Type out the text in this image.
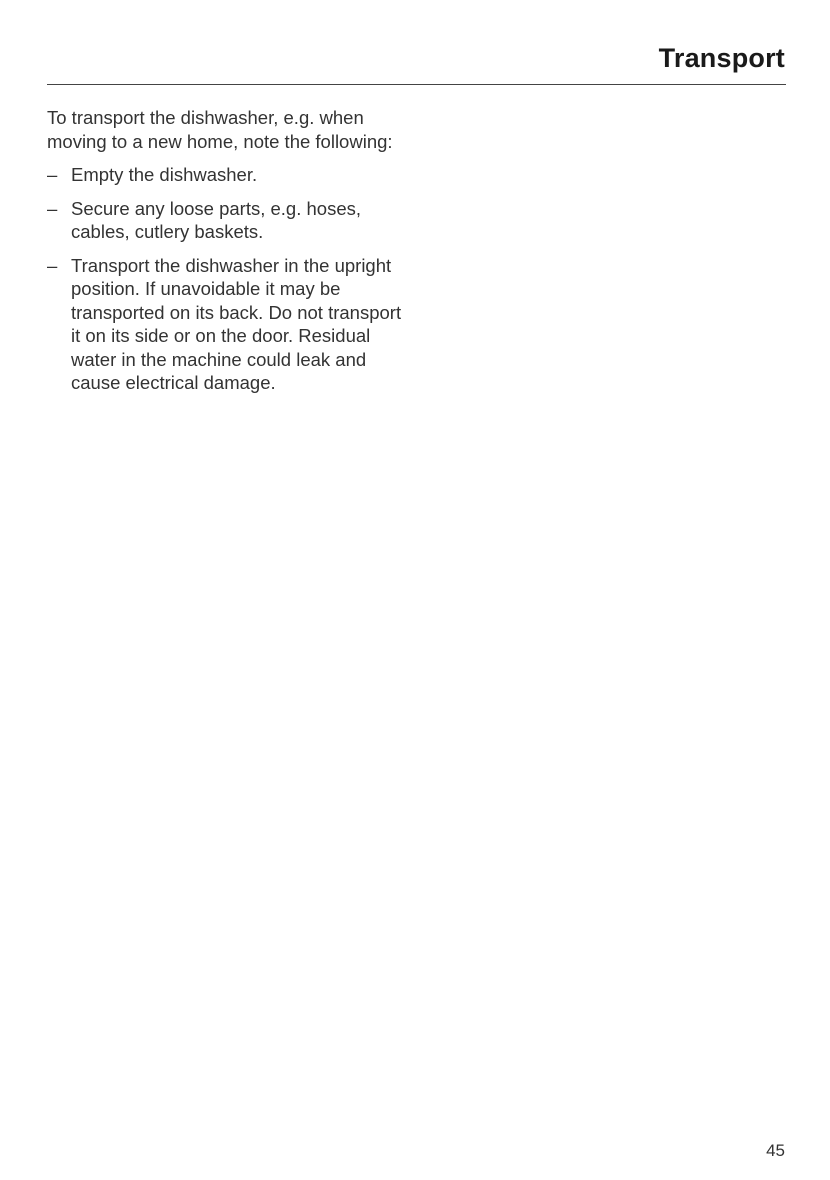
Transport

To transport the dishwasher, e.g. when moving to a new home, note the following:

– Empty the dishwasher.
– Secure any loose parts, e.g. hoses, cables, cutlery baskets.
– Transport the dishwasher in the upright position. If unavoidable it may be transported on its back. Do not transport it on its side or on the door. Residual water in the machine could leak and cause electrical damage.
45
